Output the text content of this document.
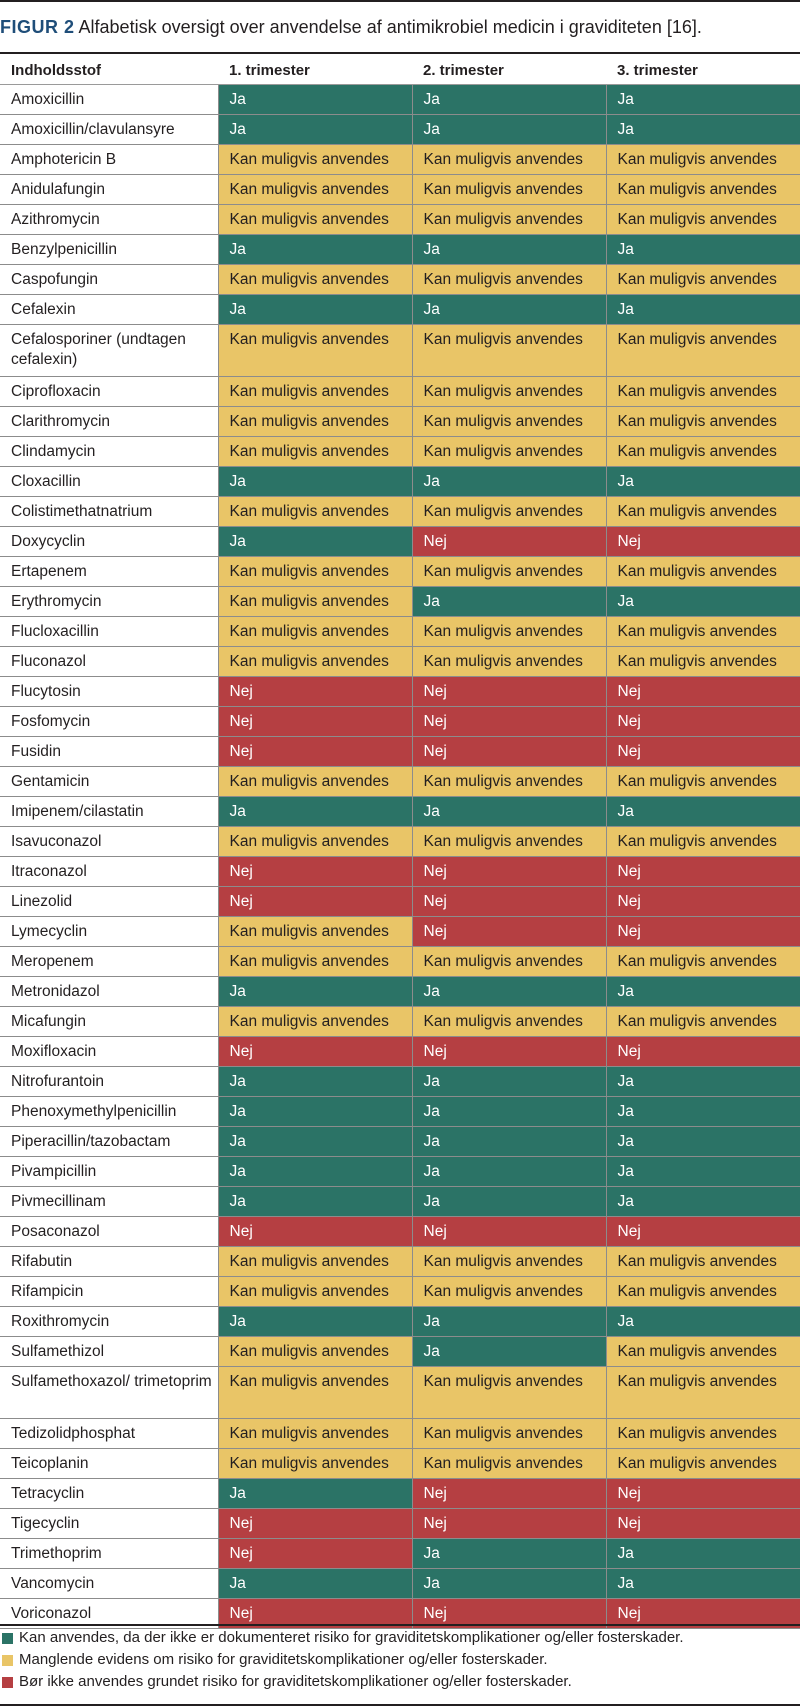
FIGUR 2 Alfabetisk oversigt over anvendelse af antimikrobiel medicin i graviditeten [16].
Indholdsstof	1. trimester	2. trimester	3. trimester
Amoxicillin	Ja	Ja	Ja
Amoxicillin/clavulansyre	Ja	Ja	Ja
Amphotericin B	Kan muligvis anvendes	Kan muligvis anvendes	Kan muligvis anvendes
Anidulafungin	Kan muligvis anvendes	Kan muligvis anvendes	Kan muligvis anvendes
Azithromycin	Kan muligvis anvendes	Kan muligvis anvendes	Kan muligvis anvendes
Benzylpenicillin	Ja	Ja	Ja
Caspofungin	Kan muligvis anvendes	Kan muligvis anvendes	Kan muligvis anvendes
Cefalexin	Ja	Ja	Ja
Cefalosporiner (undtagen cefalexin)	Kan muligvis anvendes	Kan muligvis anvendes	Kan muligvis anvendes
Ciprofloxacin	Kan muligvis anvendes	Kan muligvis anvendes	Kan muligvis anvendes
Clarithromycin	Kan muligvis anvendes	Kan muligvis anvendes	Kan muligvis anvendes
Clindamycin	Kan muligvis anvendes	Kan muligvis anvendes	Kan muligvis anvendes
Cloxacillin	Ja	Ja	Ja
Colistimethatnatrium	Kan muligvis anvendes	Kan muligvis anvendes	Kan muligvis anvendes
Doxycyclin	Ja	Nej	Nej
Ertapenem	Kan muligvis anvendes	Kan muligvis anvendes	Kan muligvis anvendes
Erythromycin	Kan muligvis anvendes	Ja	Ja
Flucloxacillin	Kan muligvis anvendes	Kan muligvis anvendes	Kan muligvis anvendes
Fluconazol	Kan muligvis anvendes	Kan muligvis anvendes	Kan muligvis anvendes
Flucytosin	Nej	Nej	Nej
Fosfomycin	Nej	Nej	Nej
Fusidin	Nej	Nej	Nej
Gentamicin	Kan muligvis anvendes	Kan muligvis anvendes	Kan muligvis anvendes
Imipenem/cilastatin	Ja	Ja	Ja
Isavuconazol	Kan muligvis anvendes	Kan muligvis anvendes	Kan muligvis anvendes
Itraconazol	Nej	Nej	Nej
Linezolid	Nej	Nej	Nej
Lymecyclin	Kan muligvis anvendes	Nej	Nej
Meropenem	Kan muligvis anvendes	Kan muligvis anvendes	Kan muligvis anvendes
Metronidazol	Ja	Ja	Ja
Micafungin	Kan muligvis anvendes	Kan muligvis anvendes	Kan muligvis anvendes
Moxifloxacin	Nej	Nej	Nej
Nitrofurantoin	Ja	Ja	Ja
Phenoxymethylpenicillin	Ja	Ja	Ja
Piperacillin/tazobactam	Ja	Ja	Ja
Pivampicillin	Ja	Ja	Ja
Pivmecillinam	Ja	Ja	Ja
Posaconazol	Nej	Nej	Nej
Rifabutin	Kan muligvis anvendes	Kan muligvis anvendes	Kan muligvis anvendes
Rifampicin	Kan muligvis anvendes	Kan muligvis anvendes	Kan muligvis anvendes
Roxithromycin	Ja	Ja	Ja
Sulfamethizol	Kan muligvis anvendes	Ja	Kan muligvis anvendes
Sulfamethoxazol/ trimetoprim	Kan muligvis anvendes	Kan muligvis anvendes	Kan muligvis anvendes
Tedizolidphosphat	Kan muligvis anvendes	Kan muligvis anvendes	Kan muligvis anvendes
Teicoplanin	Kan muligvis anvendes	Kan muligvis anvendes	Kan muligvis anvendes
Tetracyclin	Ja	Nej	Nej
Tigecyclin	Nej	Nej	Nej
Trimethoprim	Nej	Ja	Ja
Vancomycin	Ja	Ja	Ja
Voriconazol	Nej	Nej	Nej
Kan anvendes, da der ikke er dokumenteret risiko for graviditetskomplikationer og/eller fosterskader.
Manglende evidens om risiko for graviditetskomplikationer og/eller fosterskader.
Bør ikke anvendes grundet risiko for graviditetskomplikationer og/eller fosterskader.
